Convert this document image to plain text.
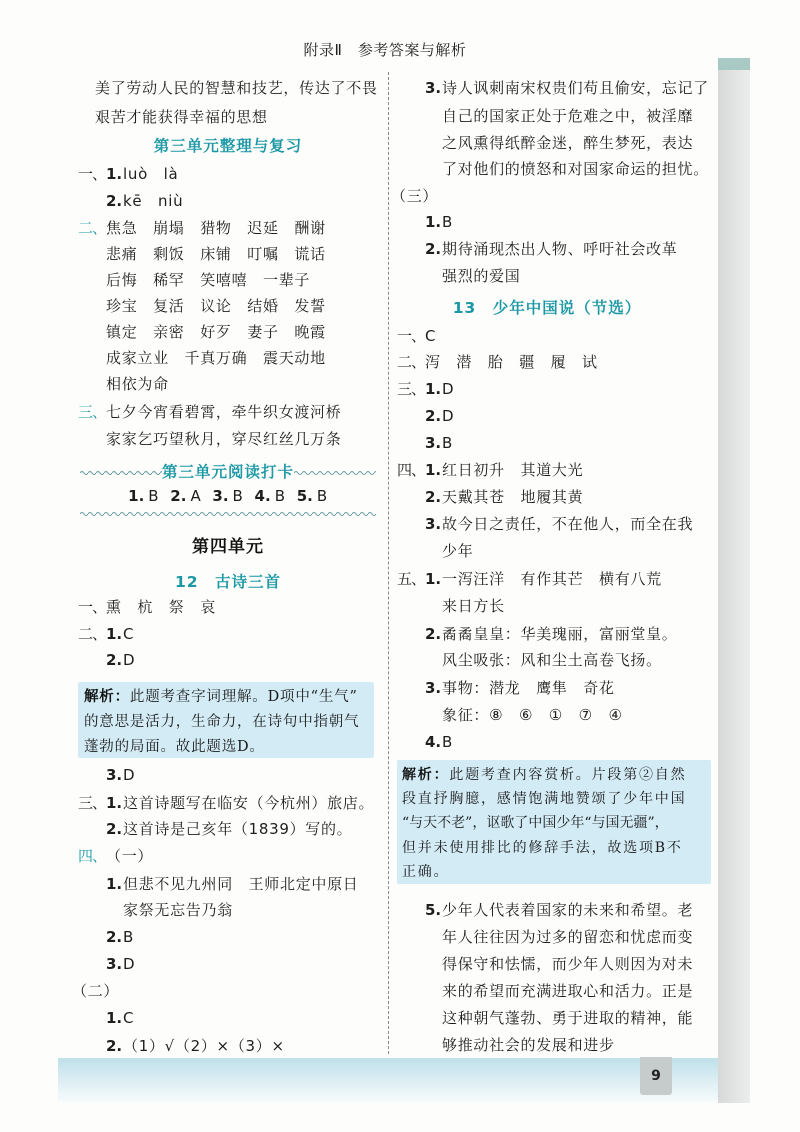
9
附录Ⅱ　参考答案与解析
美了劳动人民的智慧和技艺，传达了不畏
艰苦才能获得幸福的思想
第三单元整理与复习
一、1.luò　là
2.kē　niù
二、焦急　崩塌　猎物　迟延　酬谢
悲痛　剩饭　床铺　叮嘱　谎话
后悔　稀罕　笑嘻嘻　一辈子
珍宝　复活　议论　结婚　发誓
镇定　亲密　好歹　妻子　晚霞
成家立业　千真万确　震天动地
相依为命
三、七夕今宵看碧霄，牵牛织女渡河桥
家家乞巧望秋月，穿尽红丝几万条
第三单元阅读打卡
1. B 2. A 3. B 4. B 5. B
第四单元
12　古诗三首
一、熏　杭　祭　哀
二、1.C
2.D
解析：此题考查字词理解。D项中“生气”
的意思是活力，生命力，在诗句中指朝气
蓬勃的局面。故此题选D。
3.D
三、1.这首诗题写在临安（今杭州）旅店。
2.这首诗是己亥年（1839）写的。
四、（一）
1.但悲不见九州同　王师北定中原日
家祭无忘告乃翁
2.B
3.D
（二）
1.C
2.（1）√（2）×（3）×
3.诗人讽刺南宋权贵们苟且偷安，忘记了
自己的国家正处于危难之中，被淫靡
之风熏得纸醉金迷，醉生梦死，表达
了对他们的愤怒和对国家命运的担忧。
（三）
1.B
2.期待涌现杰出人物、呼吁社会改革
强烈的爱国
13　少年中国说（节选）
一、C
二、泻　潜　胎　疆　履　试
三、1.D
2.D
3.B
四、1.红日初升　其道大光
2.天戴其苍　地履其黄
3.故今日之责任，不在他人，而全在我
少年
五、1.一泻汪洋　有作其芒　横有八荒
来日方长
2.矞矞皇皇：华美瑰丽，富丽堂皇。
风尘吸张：风和尘土高卷飞扬。
3.事物：潜龙　鹰隼　奇花
象征：⑧　⑥　①　⑦　④
4.B
解析：此题考查内容赏析。片段第②自然
段直抒胸臆，感情饱满地赞颂了少年中国
“与天不老”，讴歌了中国少年“与国无疆”，
但并未使用排比的修辞手法，故选项B不
正确。
5.少年人代表着国家的未来和希望。老
年人往往因为过多的留恋和忧虑而变
得保守和怯懦，而少年人则因为对未
来的希望而充满进取心和活力。正是
这种朝气蓬勃、勇于进取的精神，能
够推动社会的发展和进步
